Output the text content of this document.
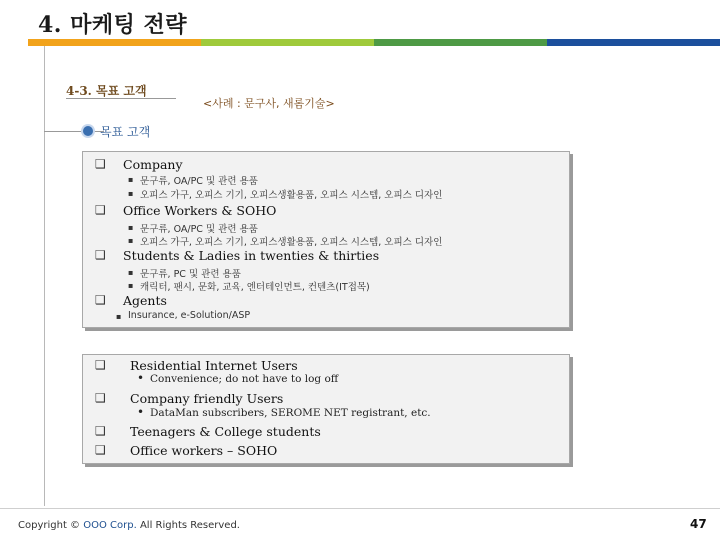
4. 마케팅 전략
4-3. 목표 고객
<사례 : 문구사, 새롬기술>
목표 고객
❑ Company
▪ 문구류, OA/PC 및 관련 용품
▪ 오피스 가구, 오피스 기기, 오피스생활용품, 오피스 시스템, 오피스 디자인
❑ Office Workers & SOHO
▪ 문구류, OA/PC 및 관련 용품
▪ 오피스 가구, 오피스 기기, 오피스생활용품, 오피스 시스템, 오피스 디자인
❑ Students & Ladies in twenties & thirties
▪ 문구류, PC 및 관련 용품
▪ 캐릭터, 팬시, 문화, 교육, 엔터테인먼트, 컨텐츠(IT접목)
❑ Agents
▪ Insurance, e-Solution/ASP
❑ Residential Internet Users
• Convenience; do not have to log off
❑ Company friendly Users
• DataMan subscribers, SEROME NET registrant, etc.
❑ Teenagers & College students
❑ Office workers – SOHO
Copyright © OOO Corp. All Rights Reserved.	47
